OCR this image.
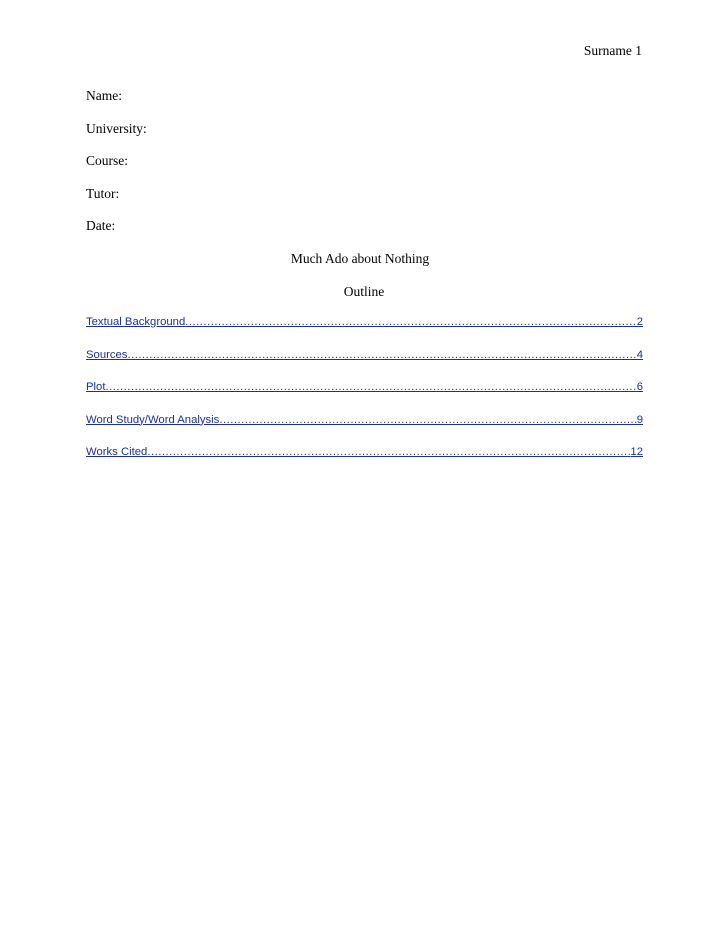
Surname 1
Name:
University:
Course:
Tutor:
Date:
Much Ado about Nothing
Outline
Textual Background .....	2
Sources .....	4
Plot .....	6
Word Study/Word Analysis .....	9
Works Cited .....	12
